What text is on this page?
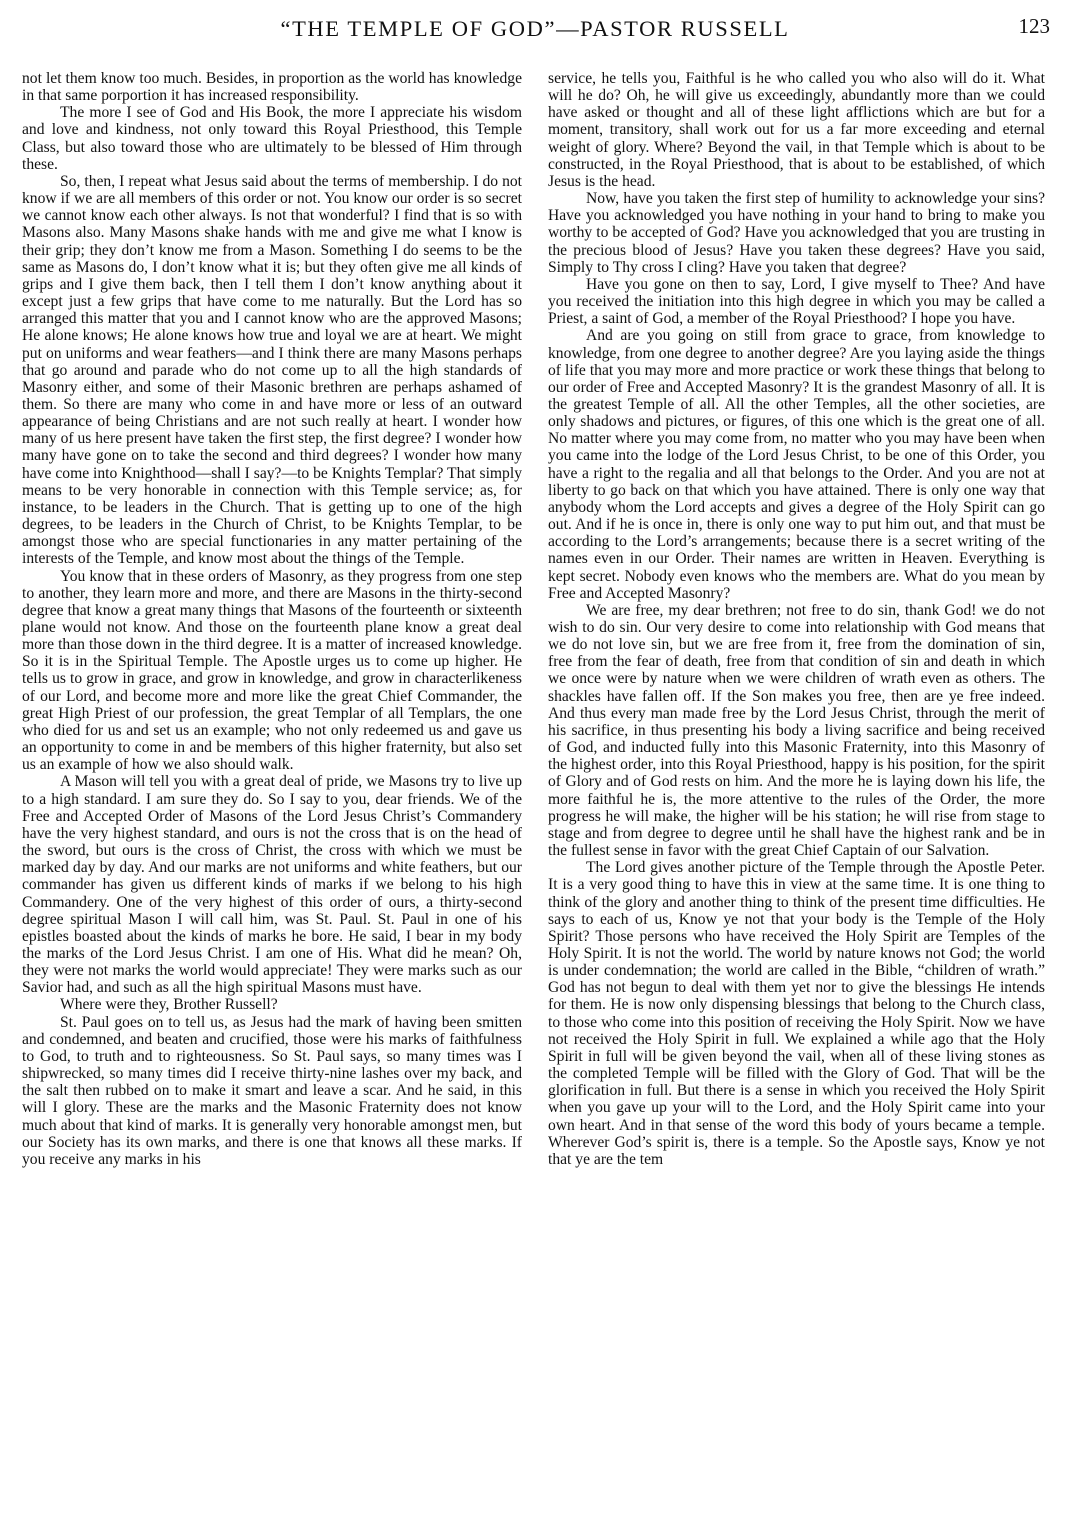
“THE TEMPLE OF GOD”—PASTOR RUSSELL	123

not let them know too much. Besides, in proportion as the world has knowledge in that same porportion it has increased responsibility.

The more I see of God and His Book, the more I appreciate his wisdom and love and kindness, not only toward this Royal Priesthood, this Temple Class, but also toward those who are ultimately to be blessed of Him through these.

So, then, I repeat what Jesus said about the terms of membership. I do not know if we are all members of this order or not. You know our order is so secret we cannot know each other always. Is not that wonderful? I find that is so with Masons also. Many Masons shake hands with me and give me what I know is their grip; they don’t know me from a Mason. Something I do seems to be the same as Masons do, I don’t know what it is; but they often give me all kinds of grips and I give them back, then I tell them I don’t know anything about it except just a few grips that have come to me naturally. But the Lord has so arranged this matter that you and I cannot know who are the approved Masons; He alone knows; He alone knows how true and loyal we are at heart. We might put on uniforms and wear feathers—and I think there are many Masons perhaps that go around and parade who do not come up to all the high standards of Masonry either, and some of their Masonic brethren are perhaps ashamed of them. So there are many who come in and have more or less of an outward appearance of being Christians and are not such really at heart. I wonder how many of us here present have taken the first step, the first degree? I wonder how many have gone on to take the second and third degrees? I wonder how many have come into Knighthood—shall I say?—to be Knights Templar? That simply means to be very honorable in connection with this Temple service; as, for instance, to be leaders in the Church. That is getting up to one of the high degrees, to be leaders in the Church of Christ, to be Knights Templar, to be amongst those who are special functionaries in any matter pertaining of the interests of the Temple, and know most about the things of the Temple.

You know that in these orders of Masonry, as they progress from one step to another, they learn more and more, and there are Masons in the thirty-second degree that know a great many things that Masons of the fourteenth or sixteenth plane would not know. And those on the fourteenth plane know a great deal more than those down in the third degree. It is a matter of increased knowledge. So it is in the Spiritual Temple. The Apostle urges us to come up higher. He tells us to grow in grace, and grow in knowledge, and grow in characterlikeness of our Lord, and become more and more like the great Chief Commander, the great High Priest of our profession, the great Templar of all Templars, the one who died for us and set us an example; who not only redeemed us and gave us an opportunity to come in and be members of this higher fraternity, but also set us an example of how we also should walk.

A Mason will tell you with a great deal of pride, we Masons try to live up to a high standard. I am sure they do. So I say to you, dear friends. We of the Free and Accepted Order of Masons of the Lord Jesus Christ’s Commandery have the very highest standard, and ours is not the cross that is on the head of the sword, but ours is the cross of Christ, the cross with which we must be marked day by day. And our marks are not uniforms and white feathers, but our commander has given us different kinds of marks if we belong to his high Commandery. One of the very highest of this order of ours, a thirty-second degree spiritual Mason I will call him, was St. Paul. St. Paul in one of his epistles boasted about the kinds of marks he bore. He said, I bear in my body the marks of the Lord Jesus Christ. I am one of His. What did he mean? Oh, they were not marks the world would appreciate! They were marks such as our Savior had, and such as all the high spiritual Masons must have.

Where were they, Brother Russell?

St. Paul goes on to tell us, as Jesus had the mark of having been smitten and condemned, and beaten and crucified, those were his marks of faithfulness to God, to truth and to righteousness. So St. Paul says, so many times was I shipwrecked, so many times did I receive thirty-nine lashes over my back, and the salt then rubbed on to make it smart and leave a scar. And he said, in this will I glory. These are the marks and the Masonic Fraternity does not know much about that kind of marks. It is generally very honorable amongst men, but our Society has its own marks, and there is one that knows all these marks. If you receive any marks in his

service, he tells you, Faithful is he who called you who also will do it. What will he do? Oh, he will give us exceedingly, abundantly more than we could have asked or thought and all of these light afflictions which are but for a moment, transitory, shall work out for us a far more exceeding and eternal weight of glory. Where? Beyond the vail, in that Temple which is about to be constructed, in the Royal Priesthood, that is about to be established, of which Jesus is the head.

Now, have you taken the first step of humility to acknowledge your sins? Have you acknowledged you have nothing in your hand to bring to make you worthy to be accepted of God? Have you acknowledged that you are trusting in the precious blood of Jesus? Have you taken these degrees? Have you said, Simply to Thy cross I cling? Have you taken that degree?

Have you gone on then to say, Lord, I give myself to Thee? And have you received the initiation into this high degree in which you may be called a Priest, a saint of God, a member of the Royal Priesthood? I hope you have.

And are you going on still from grace to grace, from knowledge to knowledge, from one degree to another degree? Are you laying aside the things of life that you may more and more practice or work these things that belong to our order of Free and Accepted Masonry? It is the grandest Masonry of all. It is the greatest Temple of all. All the other Temples, all the other societies, are only shadows and pictures, or figures, of this one which is the great one of all. No matter where you may come from, no matter who you may have been when you came into the lodge of the Lord Jesus Christ, to be one of this Order, you have a right to the regalia and all that belongs to the Order. And you are not at liberty to go back on that which you have attained. There is only one way that anybody whom the Lord accepts and gives a degree of the Holy Spirit can go out. And if he is once in, there is only one way to put him out, and that must be according to the Lord’s arrangements; because there is a secret writing of the names even in our Order. Their names are written in Heaven. Everything is kept secret. Nobody even knows who the members are. What do you mean by Free and Accepted Masonry?

We are free, my dear brethren; not free to do sin, thank God! we do not wish to do sin. Our very desire to come into relationship with God means that we do not love sin, but we are free from it, free from the domination of sin, free from the fear of death, free from that condition of sin and death in which we once were by nature when we were children of wrath even as others. The shackles have fallen off. If the Son makes you free, then are ye free indeed. And thus every man made free by the Lord Jesus Christ, through the merit of his sacrifice, in thus presenting his body a living sacrifice and being received of God, and inducted fully into this Masonic Fraternity, into this Masonry of the highest order, into this Royal Priesthood, happy is his position, for the spirit of Glory and of God rests on him. And the more he is laying down his life, the more faithful he is, the more attentive to the rules of the Order, the more progress he will make, the higher will be his station; he will rise from stage to stage and from degree to degree until he shall have the highest rank and be in the fullest sense in favor with the great Chief Captain of our Salvation.

The Lord gives another picture of the Temple through the Apostle Peter. It is a very good thing to have this in view at the same time. It is one thing to think of the glory and another thing to think of the present time difficulties. He says to each of us, Know ye not that your body is the Temple of the Holy Spirit? Those persons who have received the Holy Spirit are Temples of the Holy Spirit. It is not the world. The world by nature knows not God; the world is under condemnation; the world are called in the Bible, “children of wrath.” God has not begun to deal with them yet nor to give the blessings He intends for them. He is now only dispensing blessings that belong to the Church class, to those who come into this position of receiving the Holy Spirit. Now we have not received the Holy Spirit in full. We explained a while ago that the Holy Spirit in full will be given beyond the vail, when all of these living stones as the completed Temple will be filled with the Glory of God. That will be the glorification in full. But there is a sense in which you received the Holy Spirit when you gave up your will to the Lord, and the Holy Spirit came into your own heart. And in that sense of the word this body of yours became a temple. Wherever God’s spirit is, there is a temple. So the Apostle says, Know ye not that ye are the tem
